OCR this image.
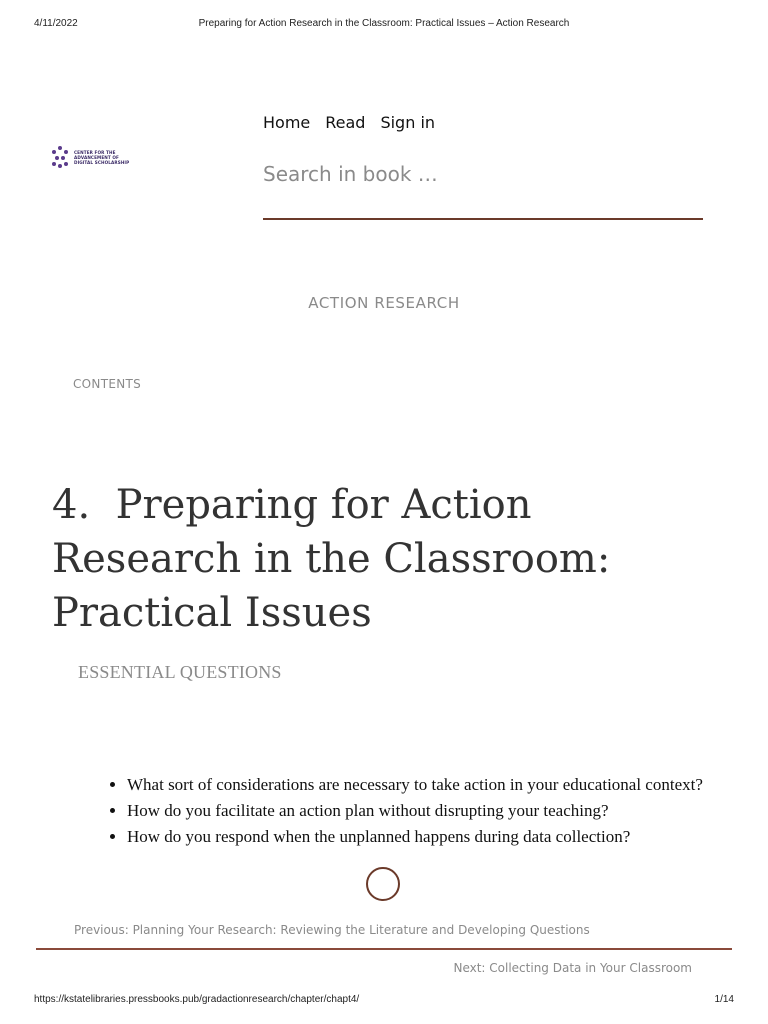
4/11/2022	Preparing for Action Research in the Classroom: Practical Issues – Action Research
CENTER FOR THE
ADVANCEMENT OF
DIGITAL SCHOLARSHIP
Home Read Sign in
Search in book …
ACTION RESEARCH
CONTENTS
4. Preparing for Action Research in the Classroom: Practical Issues
ESSENTIAL QUESTIONS
• What sort of considerations are necessary to take action in your educational context?
• How do you facilitate an action plan without disrupting your teaching?
• How do you respond when the unplanned happens during data collection?
Previous: Planning Your Research: Reviewing the Literature and Developing Questions
Next: Collecting Data in Your Classroom
https://kstatelibraries.pressbooks.pub/gradactionresearch/chapter/chapt4/	1/14
